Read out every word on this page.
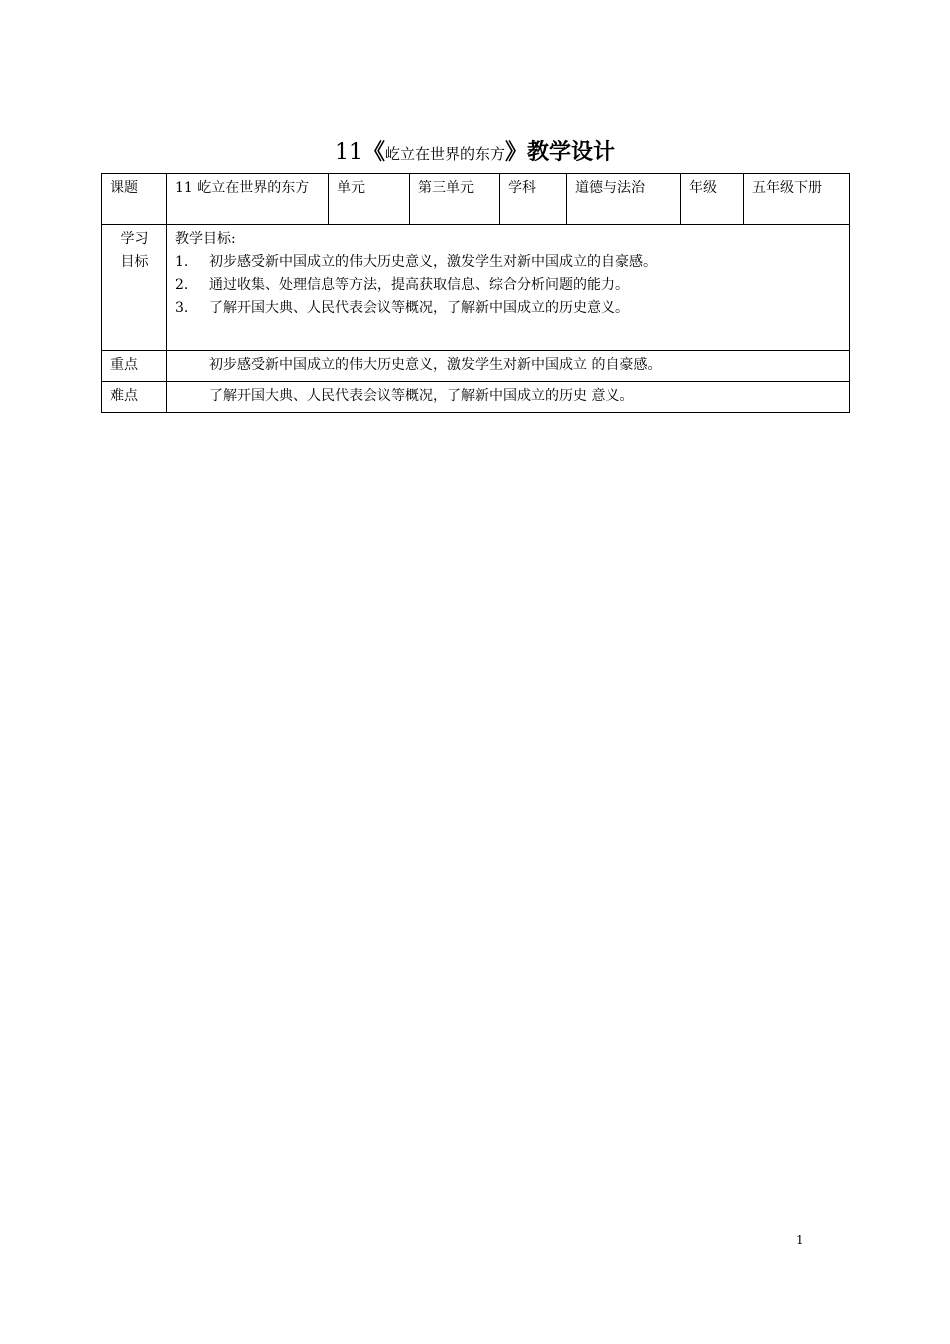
11《屹立在世界的东方》教学设计
课题	11 屹立在世界的东方	单元	第三单元	学科	道德与法治	年级	五年级下册
学习目标	教学目标:
1. 初步感受新中国成立的伟大历史意义，激发学生对新中国成立的自豪感。
2. 通过收集、处理信息等方法，提高获取信息、综合分析问题的能力。
3. 了解开国大典、人民代表会议等概况，了解新中国成立的历史意义。						

重点	初步感受新中国成立的伟大历史意义，激发学生对新中国成立 的自豪感。						
难点	了解开国大典、人民代表会议等概况，了解新中国成立的历史 意义。						
1
